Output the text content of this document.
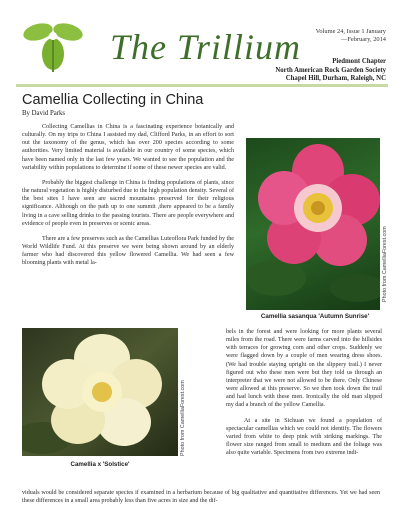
The Trillium Volume 24, Issue 1 January
—February, 2014
Piedmont Chapter
North American Rock Garden Society
Chapel Hill, Durham, Raleigh, NC
Camellia Collecting in China
By David Parks

Collecting Camellias in China is a fascinating experience botanically and culturally. On my trips to China I assisted my dad, Clifford Parks, in an effort to sort out the taxonomy of the genus, which has over 200 species according to some authorities. Very limited material is available in our country of some species, which have been named only in the last few years. We wanted to see the population and the variability within populations to determine if some of these newer species are valid.

Probably the biggest challenge in China is finding populations of plants, since the natural vegetation is highly disturbed due to the high population density. Several of the best sites I have seen are sacred mountains preserved for their religious significance. Although on the path up to one summit ,there appeared to be a family living in a cave selling drinks to the passing tourists. There are people everywhere and evidence of people even in preserves or scenic areas.

There are a few preserves such as the Camellias Luteoflora Park funded by the World Wildlife Fund. At this preserve we were being shown around by an elderly farmer who had discovered this yellow flowered Camellia. We had seen a few blooming plants with metal la-	Photo from CamelliaForest.com
Camellia sasanqua 'Autumn Sunrise'
Photo from CamelliaForest.com
Camellia x 'Solstice'

bels in the forest and were looking for more plants several miles from the road. There were farms carved into the hillsides with terraces for growing corn and other crops. Suddenly we were flagged down by a couple of men wearing dress shoes. (We had trouble staying upright on the slippery trail.) I never figured out who these men were but they told us through an interpreter that we were not allowed to be there. Only Chinese were allowed at this preserve. So we then took down the trail and had lunch with these men. Ironically the old man slipped my dad a branch of the yellow Camellia.

At a site in Sichuan we found a population of spectacular camellias which we could not identify. The flowers varied from white to deep pink with striking markings. The flower size ranged from small to medium and the foliage was also quite variable. Specimens from two extreme indi-

viduals would be considered separate species if examined in a herbarium because of big qualitative and quantitative differences. Yet we had seen these differences in a small area probably less than five acres in size and the dif-
